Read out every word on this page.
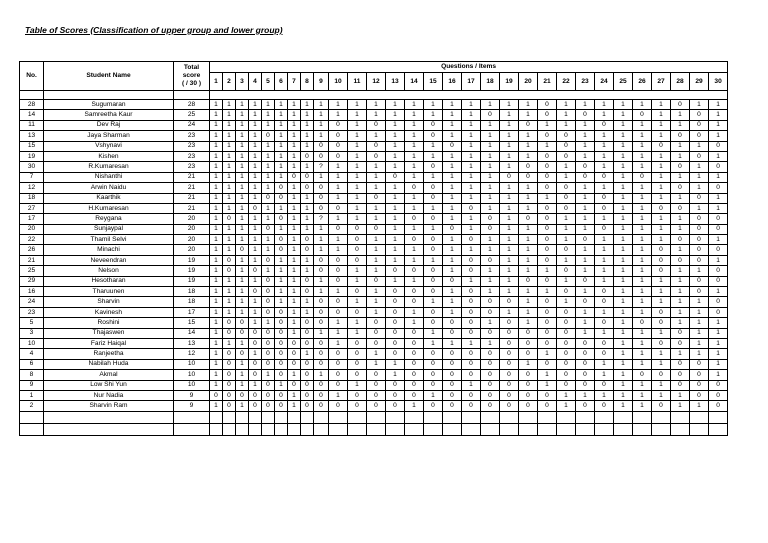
Table of Scores (Classification of upper group and lower group)
No.	Student Name	Total
score
( / 30 )	Questions / Items																													
			1	2	3	4	5	6	7	8	9	10	11	12	13	14	15	16	17	18	19	20	21	22	23	24	25	26	27	28	29	30

28	Sugumaran	28	1	1	1	1	1	1	1	1	1	1	1	1	1	1	1	1	1	1	1	1	0	1	1	1	1	1	1	0	1	1
14	Samreetha Kaur	25	1	1	1	1	1	1	1	1	1	1	1	1	1	1	1	1	1	0	1	1	0	1	0	1	1	0	1	1	0	1
11	Dev Raj	24	1	1	1	1	1	1	1	1	1	0	1	0	1	1	0	1	1	1	1	0	1	1	1	0	1	1	1	1	0	1
13	Jaya Sharman	23	1	1	1	1	0	1	1	1	1	0	1	1	1	1	0	1	1	1	1	1	0	0	1	1	1	1	1	0	0	1
15	Vshynavi	23	1	1	1	1	1	1	1	1	0	0	1	0	1	1	1	0	1	1	1	1	1	0	1	1	1	1	0	1	1	0
19	Kishen	23	1	1	1	1	1	1	1	0	0	0	1	0	1	1	1	1	1	1	1	1	0	0	1	1	1	1	1	1	0	1
30	R.Kumaresan	23	1	1	1	1	1	1	1	1	?	1	1	1	1	1	0	1	1	1	1	0	0	1	0	1	1	1	1	0	1	0
7	Nishanthi	21	1	1	1	1	1	1	0	0	1	1	1	1	0	1	1	1	1	1	0	0	0	1	0	0	1	0	1	1	1	1
12	Arwin Naidu	21	1	1	1	1	1	0	1	0	0	1	1	1	1	0	0	1	1	1	1	1	0	0	1	1	1	1	1	0	1	0
18	Kaarthik	21	1	1	1	1	0	0	1	1	0	1	1	0	1	1	0	1	1	1	1	1	1	0	1	0	1	1	1	1	0	1
27	H.Kumaresan	21	1	1	1	0	1	1	1	1	0	0	1	1	1	1	1	1	0	1	1	1	0	0	1	0	1	1	0	0	1	1
17	Reygana	20	1	0	1	1	1	0	1	1	?	1	1	1	1	0	0	1	1	0	1	0	0	1	1	1	1	1	1	1	0	0
20	Sunjaypal	20	1	1	1	1	0	1	1	1	1	0	0	0	1	1	1	0	1	0	1	1	0	1	1	0	1	1	1	1	0	0
22	Thamil Selvi	20	1	1	1	1	1	0	1	0	1	1	0	1	1	0	0	1	0	1	1	1	0	1	0	1	1	1	1	0	0	1
26	Minachi	20	1	1	0	1	1	0	1	0	1	1	0	1	1	1	0	1	1	1	1	1	0	0	1	1	1	1	0	1	0	0
21	Neveendran	19	1	0	1	1	0	1	1	1	0	0	0	1	1	1	1	1	0	0	1	1	0	1	1	1	1	1	0	0	0	1
25	Nelson	19	1	0	1	0	1	1	1	1	0	0	1	1	0	0	0	1	0	1	1	1	1	0	1	1	1	1	0	1	1	0
29	Hesotharan	19	1	1	1	1	0	1	1	0	1	0	1	0	1	1	0	0	1	1	1	0	0	1	0	1	1	1	1	1	0	0
16	Tharuunen	18	1	1	1	0	0	1	1	0	1	1	0	1	0	0	0	1	0	1	1	1	1	0	1	0	1	1	1	1	0	1
24	Sharvin	18	1	1	1	1	0	1	1	1	0	0	1	1	0	0	1	1	0	0	0	1	0	1	0	0	1	1	1	1	1	0
23	Kavinesh	17	1	1	1	1	0	0	1	1	0	0	0	1	0	1	0	1	0	0	1	1	0	0	1	1	1	1	0	1	1	0
5	Roshini	15	1	0	0	1	1	0	1	0	0	1	1	0	0	1	0	0	0	1	0	1	0	0	1	0	1	0	0	1	1	1
3	Thajaswen	14	1	0	0	0	0	0	1	0	1	1	1	0	0	0	1	0	0	0	0	0	0	0	1	1	1	1	1	0	1	1
10	Fariz Haiqal	13	1	1	1	0	0	0	0	0	0	1	0	0	0	0	1	1	1	1	0	0	0	0	0	0	1	1	0	0	1	1
4	Ranjeetha	12	1	0	0	1	0	0	0	1	0	0	0	1	0	0	0	0	0	0	0	0	1	0	0	0	1	1	1	1	1	1
6	Nabilah Huda	10	1	0	1	0	0	0	0	0	0	0	0	1	1	0	0	0	0	0	0	1	0	0	0	1	1	1	1	0	0	1
8	Akmal	10	1	0	1	0	1	0	1	0	1	0	0	0	1	0	0	0	0	0	0	0	1	0	0	1	1	0	0	0	0	1
9	Low Shi Yun	10	1	0	1	1	0	1	0	0	0	0	1	0	0	0	0	0	1	0	0	0	1	0	0	0	1	1	1	0	0	0
1	Nur Nadia	9	0	0	0	0	0	0	1	0	0	1	0	0	0	0	1	0	0	0	0	0	0	1	1	1	1	1	1	1	0	0
2	Sharvin Ram	9	1	0	1	0	0	0	1	0	0	0	0	0	0	1	0	0	0	0	0	0	0	1	0	0	1	1	0	1	1	0
